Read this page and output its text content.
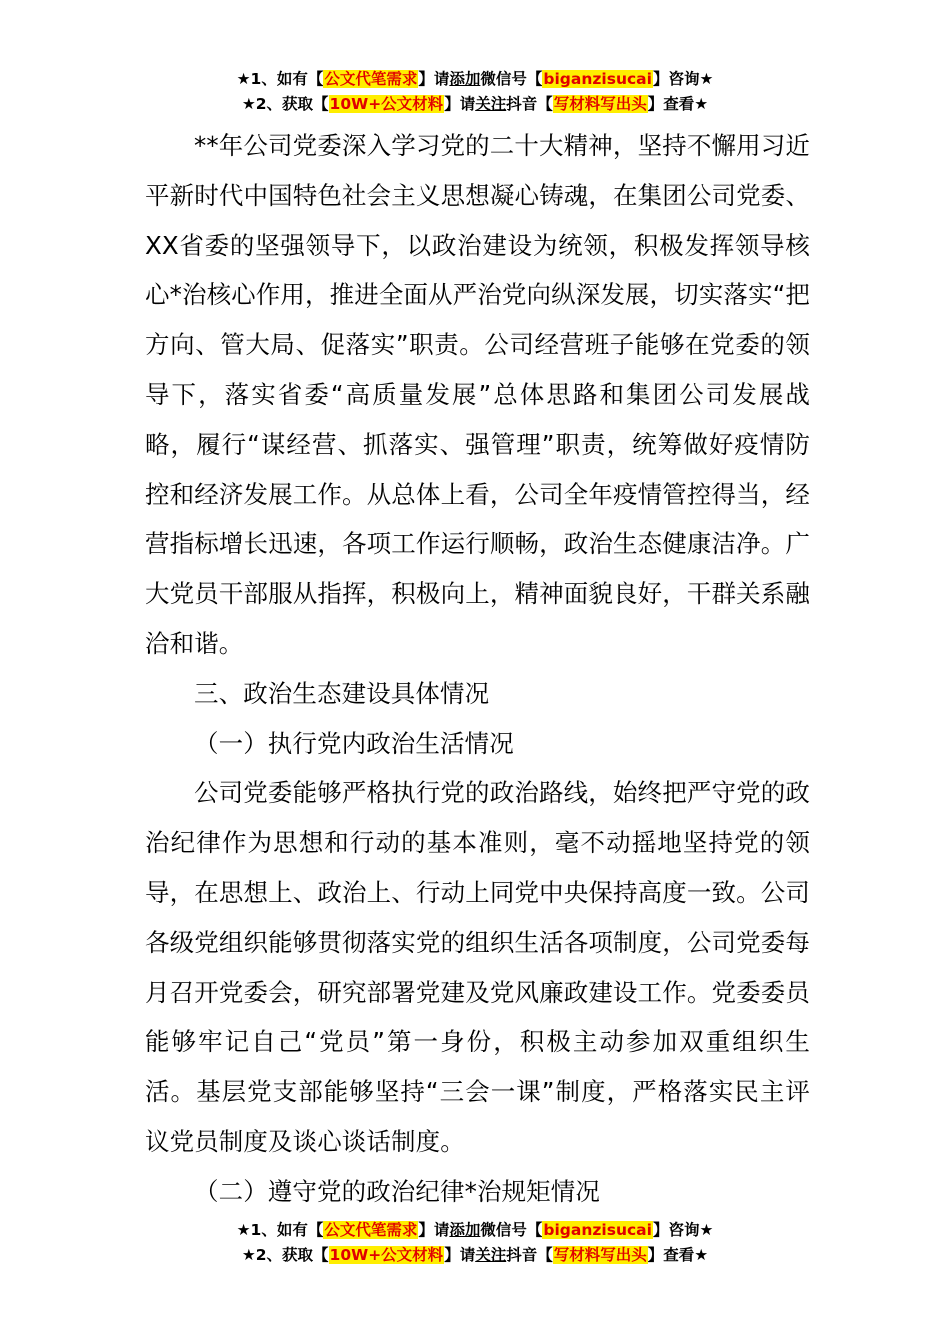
★1、如有【公文代笔需求】请添加微信号【biganzisucai】咨询★
★2、获取【10W+公文材料】请关注抖音【写材料写出头】查看★

**年公司党委深入学习党的二十大精神，坚持不懈用习近平新时代中国特色社会主义思想凝心铸魂，在集团公司党委、XX省委的坚强领导下，以政治建设为统领，积极发挥领导核心*治核心作用，推进全面从严治党向纵深发展，切实落实“把方向、管大局、促落实”职责。公司经营班子能够在党委的领导下，落实省委“高质量发展”总体思路和集团公司发展战略，履行“谋经营、抓落实、强管理”职责，统筹做好疫情防控和经济发展工作。从总体上看，公司全年疫情管控得当，经营指标增长迅速，各项工作运行顺畅，政治生态健康洁净。广大党员干部服从指挥，积极向上，精神面貌良好，干群关系融洽和谐。

三、政治生态建设具体情况

（一）执行党内政治生活情况

公司党委能够严格执行党的政治路线，始终把严守党的政治纪律作为思想和行动的基本准则，毫不动摇地坚持党的领导，在思想上、政治上、行动上同党中央保持高度一致。公司各级党组织能够贯彻落实党的组织生活各项制度，公司党委每月召开党委会，研究部署党建及党风廉政建设工作。党委委员能够牢记自己“党员”第一身份，积极主动参加双重组织生活。基层党支部能够坚持“三会一课”制度，严格落实民主评议党员制度及谈心谈话制度。

（二）遵守党的政治纪律*治规矩情况

★1、如有【公文代笔需求】请添加微信号【biganzisucai】咨询★
★2、获取【10W+公文材料】请关注抖音【写材料写出头】查看★
